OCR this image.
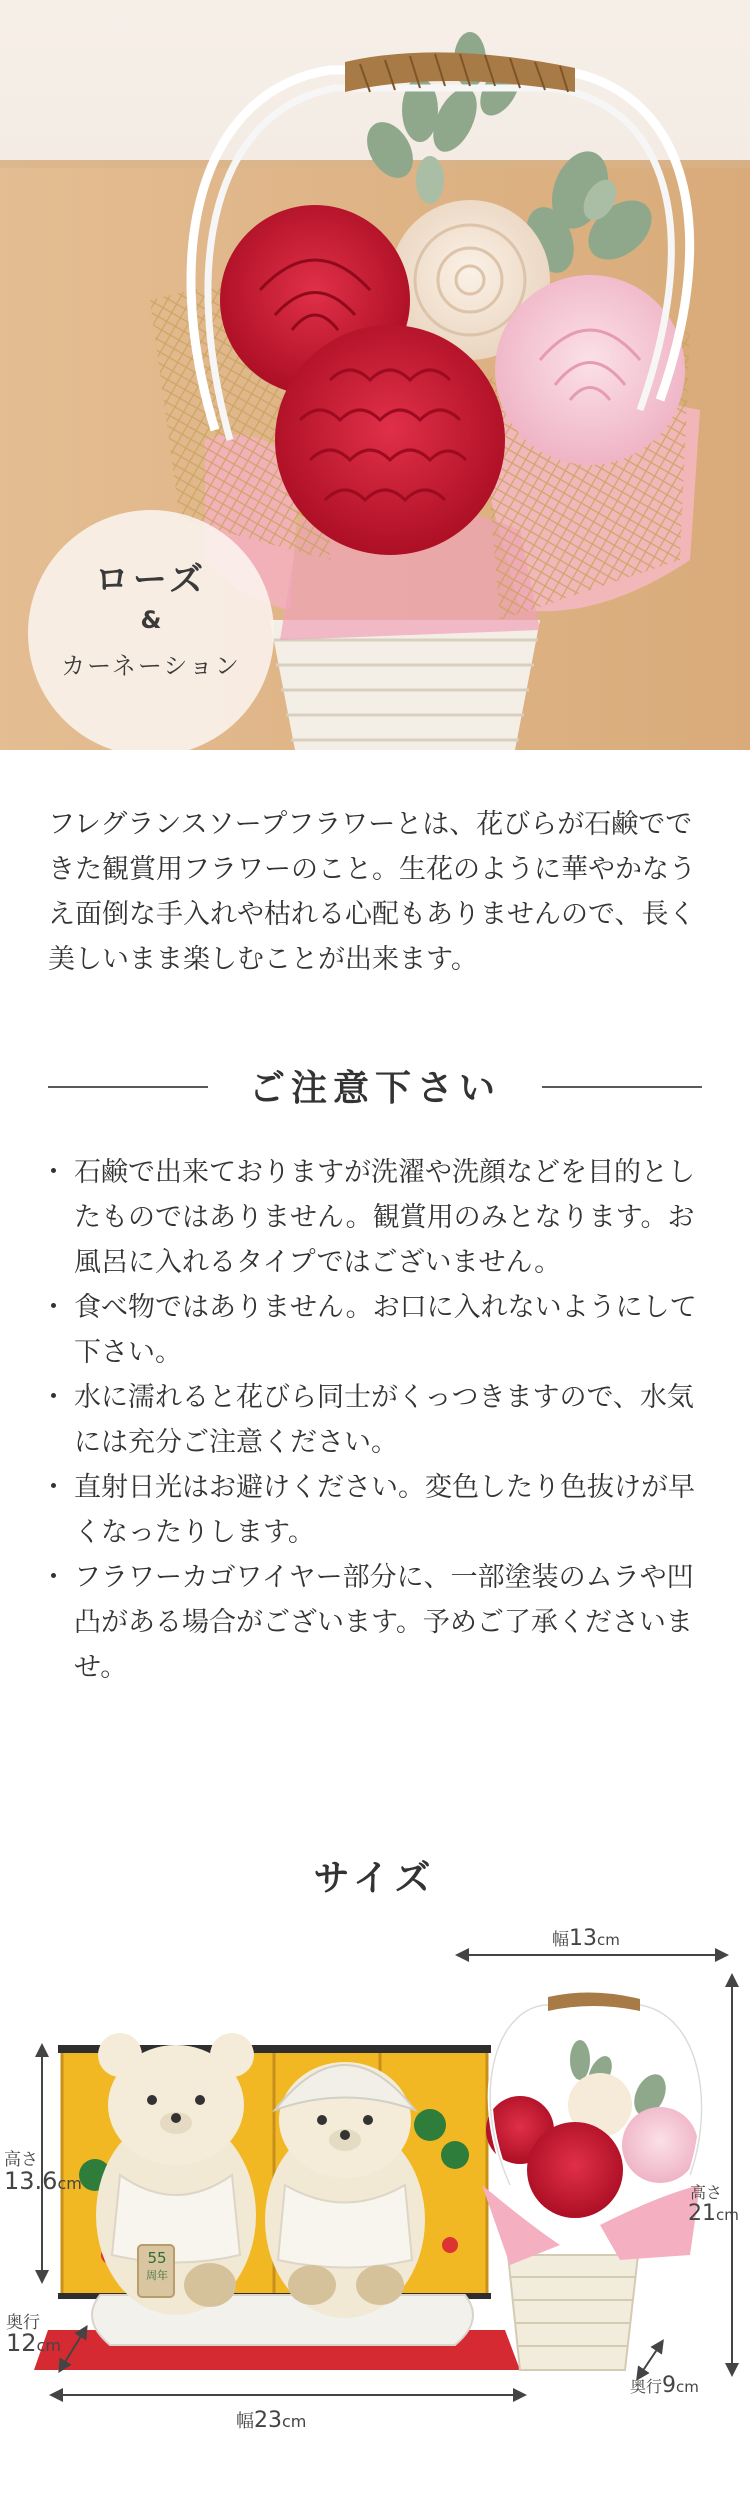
ローズ
&
カーネーション

フレグランスソープフラワーとは、花びらが石鹸でできた観賞用フラワーのこと。生花のように華やかなうえ面倒な手入れや枯れる心配もありませんので、長く美しいまま楽しむことが出来ます。

ご注意下さい
・ 石鹸で出来ておりますが洗濯や洗顔などを目的としたものではありません。観賞用のみとなります。お風呂に入れるタイプではございません。
・ 食べ物ではありません。お口に入れないようにして下さい。
・ 水に濡れると花びら同士がくっつきますので、水気には充分ご注意ください。
・ 直射日光はお避けください。変色したり色抜けが早くなったりします。
・ フラワーカゴワイヤー部分に、一部塗装のムラや凹凸がある場合がございます。予めご了承くださいませ。
サイズ
55
周年
高さ
13.6cm
奥行
12cm
幅23cm
幅13cm
高さ
21cm
奥行9cm
